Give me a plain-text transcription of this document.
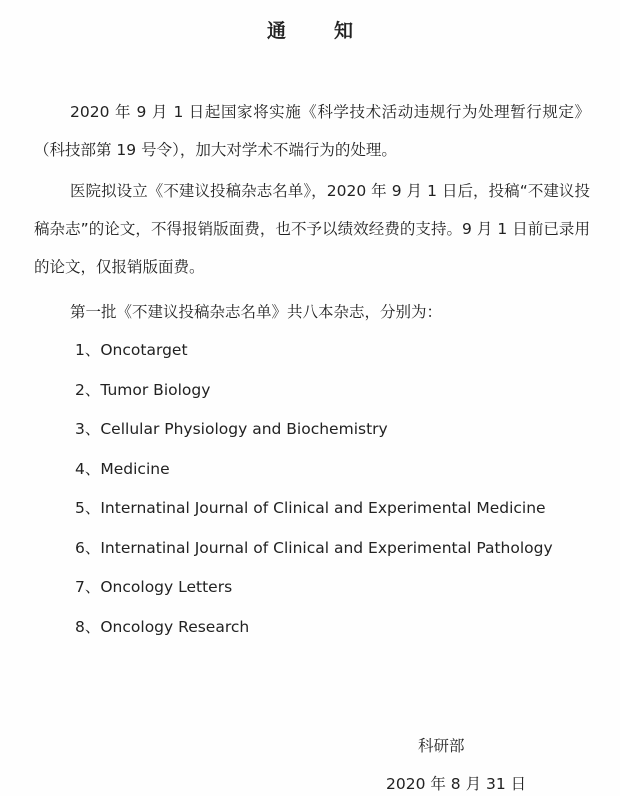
通	知

2020 年 9 月 1 日起国家将实施《科学技术活动违规行为处理暂行规定》（科技部第 19 号令），加大对学术不端行为的处理。

医院拟设立《不建议投稿杂志名单》，2020 年 9 月 1 日后，投稿“不建议投稿杂志”的论文，不得报销版面费，也不予以绩效经费的支持。9 月 1 日前已录用的论文，仅报销版面费。

第一批《不建议投稿杂志名单》共八本杂志，分别为：

1、Oncotarget
2、Tumor Biology
3、Cellular Physiology and Biochemistry
4、Medicine
5、Internatinal Journal of Clinical and Experimental Medicine
6、Internatinal Journal of Clinical and Experimental Pathology
7、Oncology Letters
8、Oncology Research
科研部
2020 年 8 月 31 日
